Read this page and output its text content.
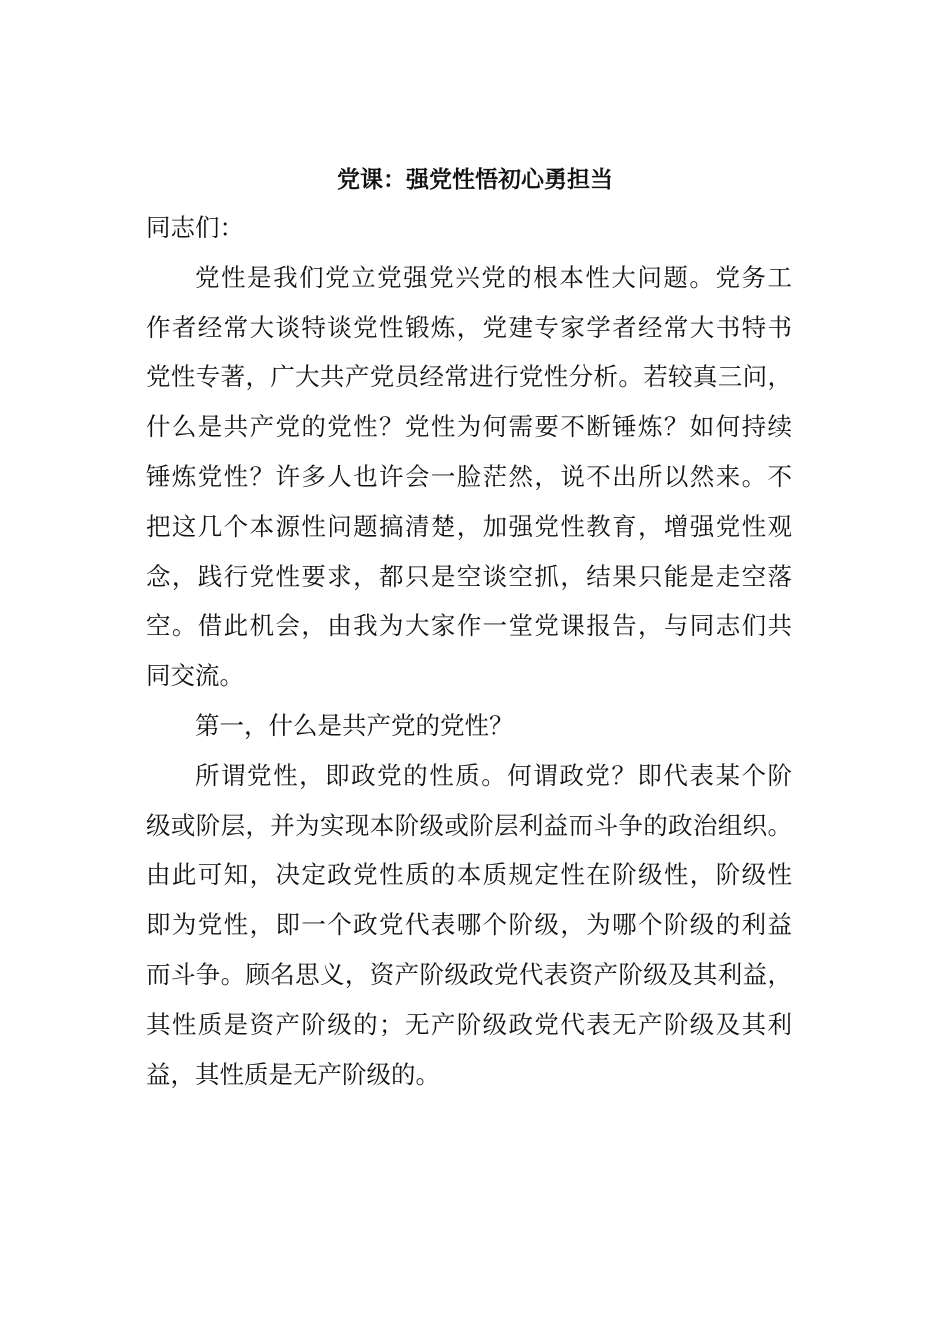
党课：强党性悟初心勇担当
同志们：
党性是我们党立党强党兴党的根本性大问题。党务工
作者经常大谈特谈党性锻炼，党建专家学者经常大书特书
党性专著，广大共产党员经常进行党性分析。若较真三问，
什么是共产党的党性？党性为何需要不断锤炼？如何持续
锤炼党性？许多人也许会一脸茫然，说不出所以然来。不
把这几个本源性问题搞清楚，加强党性教育，增强党性观
念，践行党性要求，都只是空谈空抓，结果只能是走空落
空。借此机会，由我为大家作一堂党课报告，与同志们共
同交流。
第一，什么是共产党的党性？
所谓党性，即政党的性质。何谓政党？即代表某个阶
级或阶层，并为实现本阶级或阶层利益而斗争的政治组织。
由此可知，决定政党性质的本质规定性在阶级性，阶级性
即为党性，即一个政党代表哪个阶级，为哪个阶级的利益
而斗争。顾名思义，资产阶级政党代表资产阶级及其利益，
其性质是资产阶级的；无产阶级政党代表无产阶级及其利
益，其性质是无产阶级的。
